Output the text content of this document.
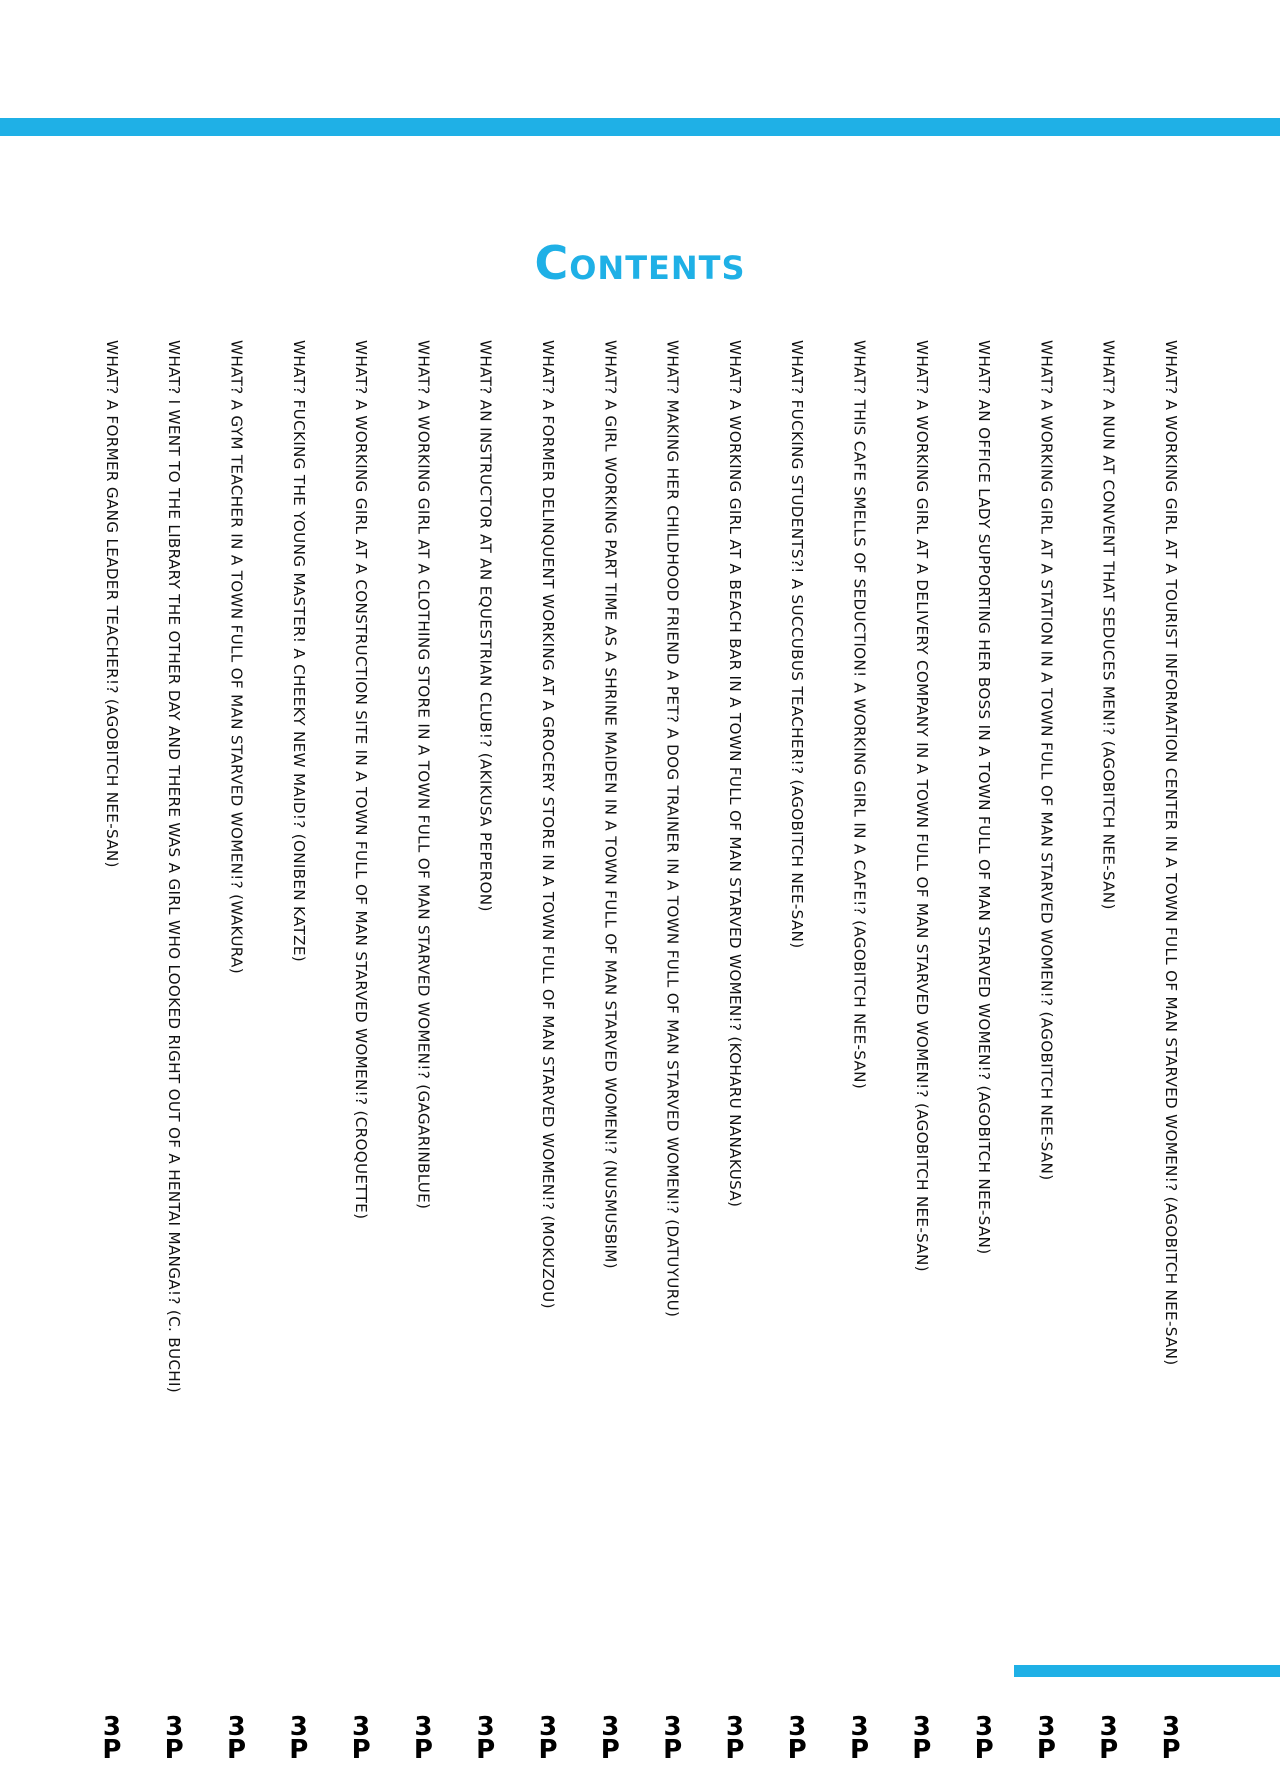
Contents
WHAT? A WORKING GIRL AT A TOURIST INFORMATION CENTER IN A TOWN FULL OF MAN STARVED WOMEN!? (AGOBITCH NEE-SAN)
3
P
WHAT? A NUN AT CONVENT THAT SEDUCES MEN!? (AGOBITCH NEE-SAN)
3
P
WHAT? A WORKING GIRL AT A STATION IN A TOWN FULL OF MAN STARVED WOMEN!? (AGOBITCH NEE-SAN)
3
P
WHAT? AN OFFICE LADY SUPPORTING HER BOSS IN A TOWN FULL OF MAN STARVED WOMEN!? (AGOBITCH NEE-SAN)
3
P
WHAT? A WORKING GIRL AT A DELIVERY COMPANY IN A TOWN FULL OF MAN STARVED WOMEN!? (AGOBITCH NEE-SAN)
3
P
WHAT? THIS CAFE SMELLS OF SEDUCTION! A WORKING GIRL IN A CAFE!? (AGOBITCH NEE-SAN)
3
P
WHAT? FUCKING STUDENTS?! A SUCCUBUS TEACHER!? (AGOBITCH NEE-SAN)
3
P
WHAT? A WORKING GIRL AT A BEACH BAR IN A TOWN FULL OF MAN STARVED WOMEN!? (KOHARU NANAKUSA)
3
P
WHAT? MAKING HER CHILDHOOD FRIEND A PET? A DOG TRAINER IN A TOWN FULL OF MAN STARVED WOMEN!? (DATUYURU)
3
P
WHAT? A GIRL WORKING PART TIME AS A SHRINE MAIDEN IN A TOWN FULL OF MAN STARVED WOMEN!? (NUSMUSBIM)
3
P
WHAT? A FORMER DELINQUENT WORKING AT A GROCERY STORE IN A TOWN FULL OF MAN STARVED WOMEN!? (MOKUZOU)
3
P
WHAT? AN INSTRUCTOR AT AN EQUESTRIAN CLUB!? (AKIKUSA PEPERON)
3
P
WHAT? A WORKING GIRL AT A CLOTHING STORE IN A TOWN FULL OF MAN STARVED WOMEN!? (GAGARINBLUE)
3
P
WHAT? A WORKING GIRL AT A CONSTRUCTION SITE IN A TOWN FULL OF MAN STARVED WOMEN!? (CROQUETTE)
3
P
WHAT? FUCKING THE YOUNG MASTER! A CHEEKY NEW MAID!? (ONIBEN KATZE)
3
P
WHAT? A GYM TEACHER IN A TOWN FULL OF MAN STARVED WOMEN!? (WAKURA)
3
P
WHAT? I WENT TO THE LIBRARY THE OTHER DAY AND THERE WAS A GIRL WHO LOOKED RIGHT OUT OF A HENTAI MANGA!? (C. BUCHI)
3
P
WHAT? A FORMER GANG LEADER TEACHER!? (AGOBITCH NEE-SAN)
3
P
